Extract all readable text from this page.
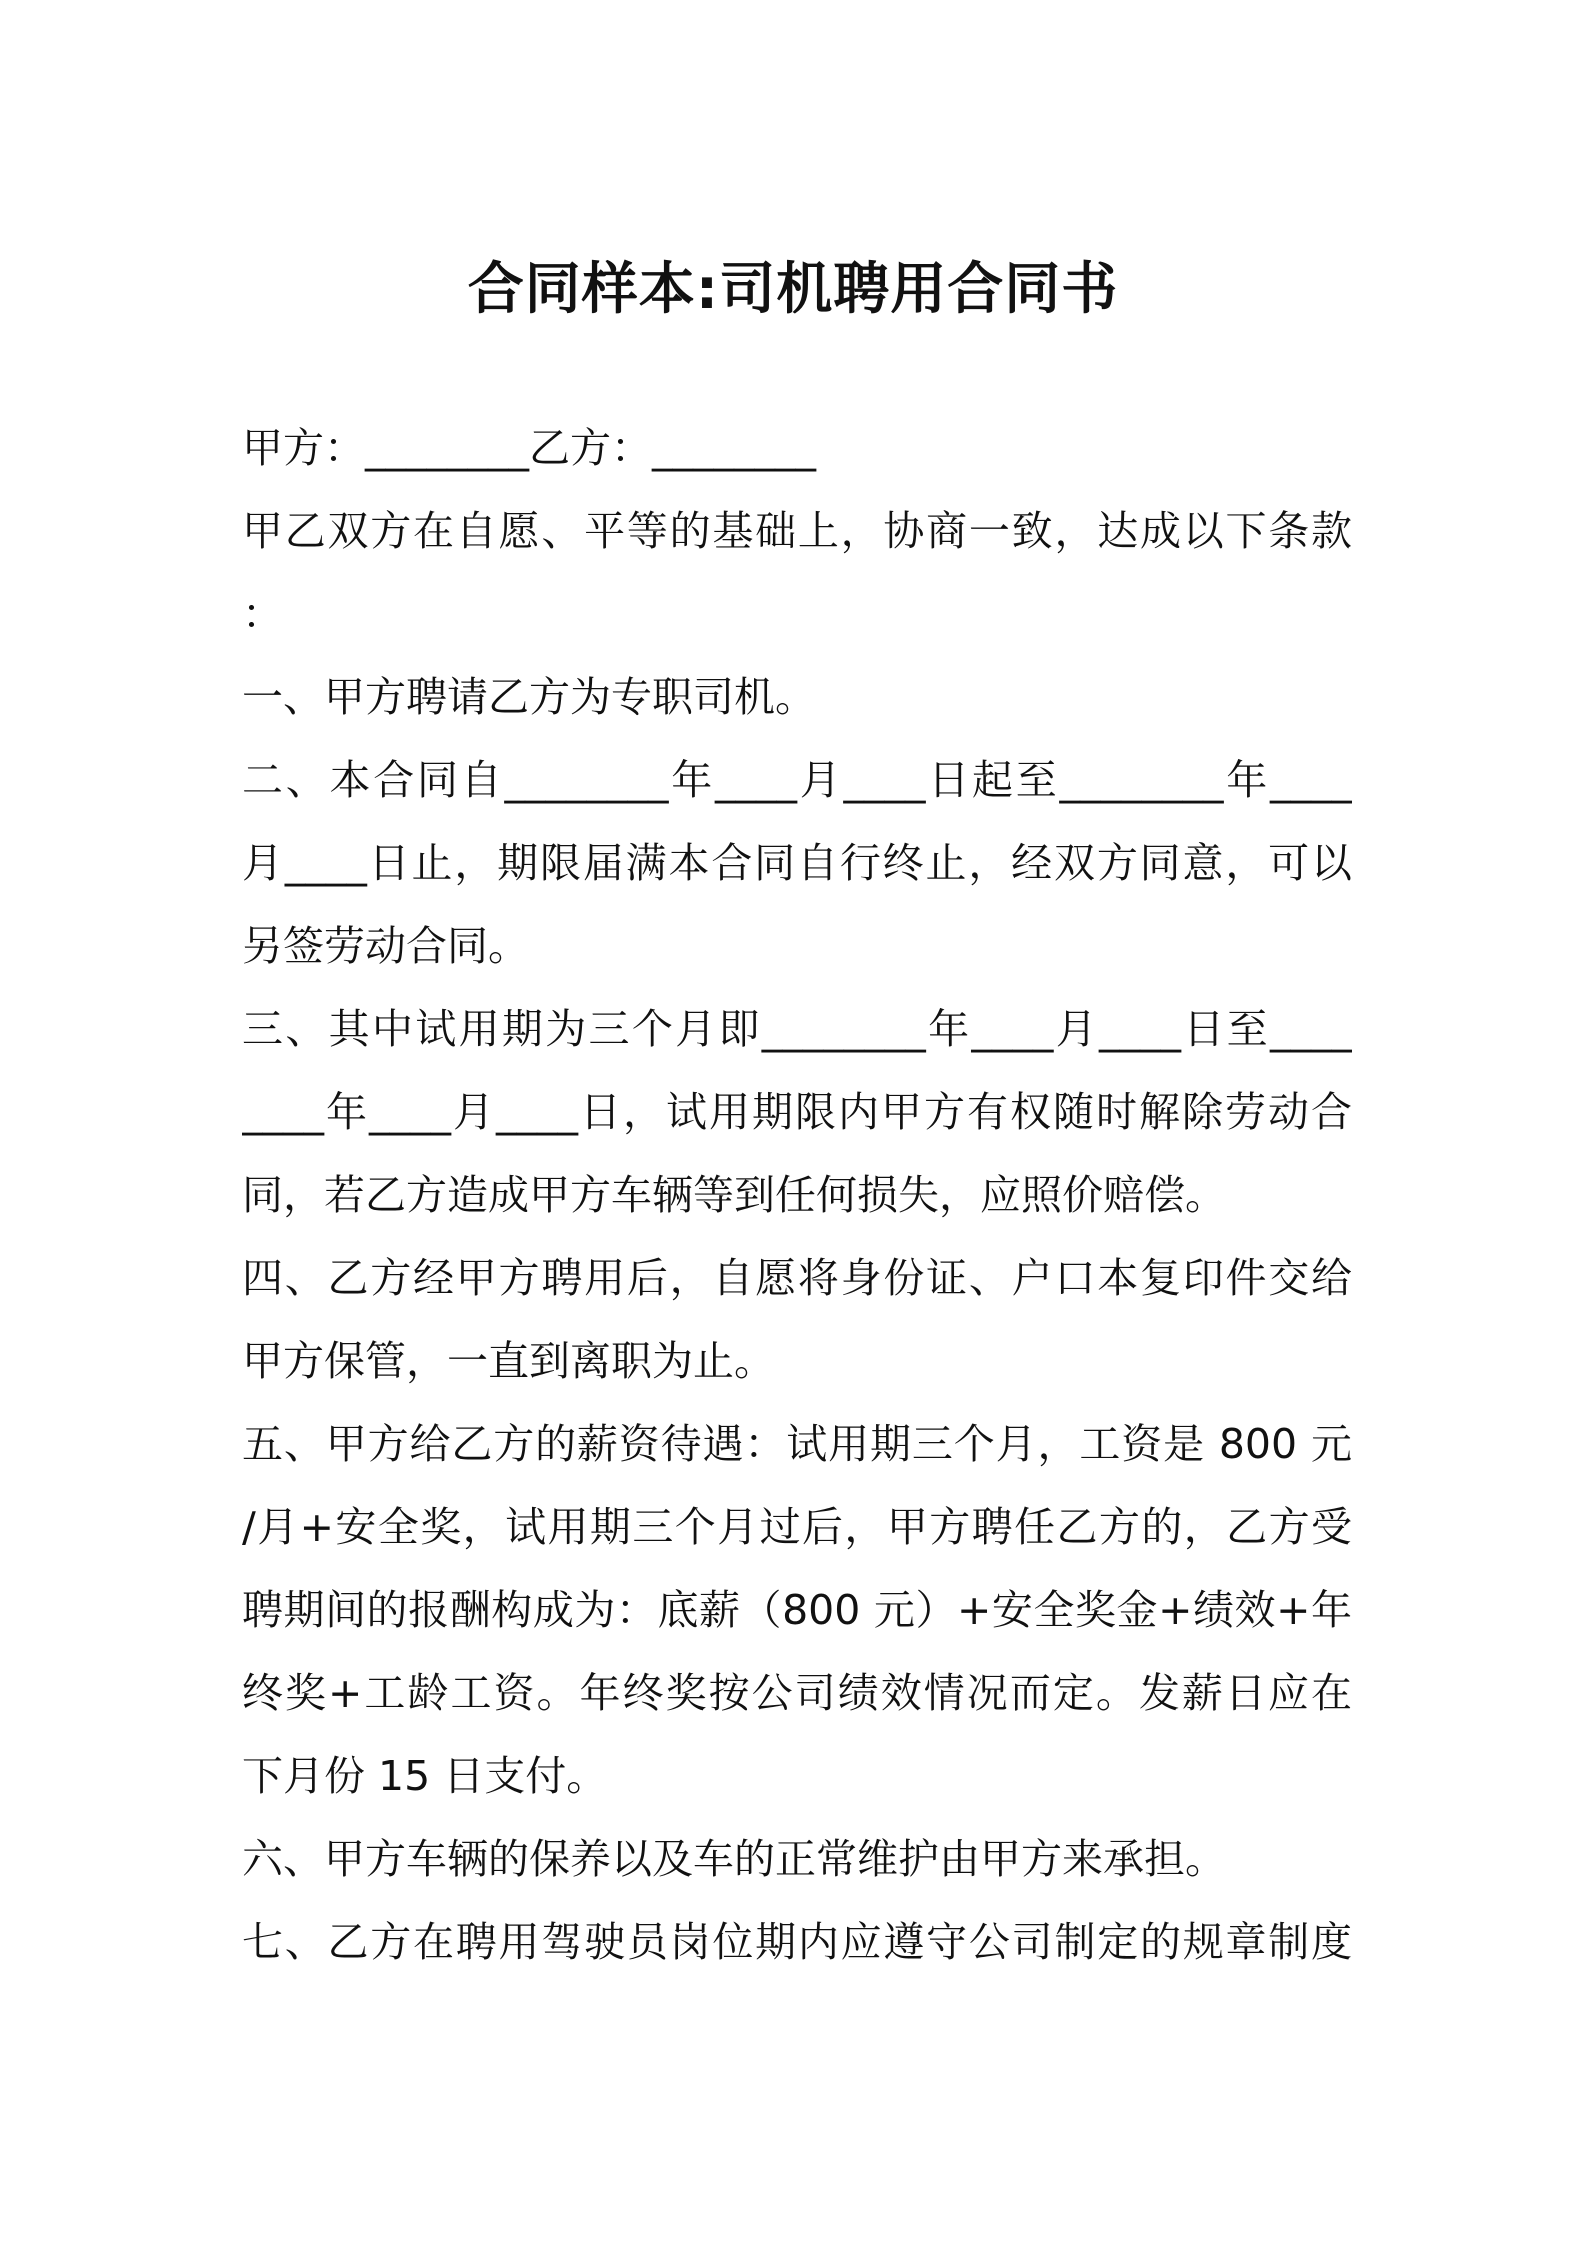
合同样本:司机聘用合同书
甲方：________乙方：________
甲乙双方在自愿、平等的基础上，协商一致，达成以下条款
：
一、甲方聘请乙方为专职司机。
二、本合同自________年____月____日起至________年____
月____日止，期限届满本合同自行终止，经双方同意，可以
另签劳动合同。
三、其中试用期为三个月即________年____月____日至____
____年____月____日，试用期限内甲方有权随时解除劳动合
同，若乙方造成甲方车辆等到任何损失，应照价赔偿。
四、乙方经甲方聘用后，自愿将身份证、户口本复印件交给
甲方保管，一直到离职为止。
五、甲方给乙方的薪资待遇：试用期三个月，工资是 800 元
/月+安全奖，试用期三个月过后，甲方聘任乙方的，乙方受
聘期间的报酬构成为：底薪（800 元）+安全奖金+绩效+年
终奖+工龄工资。年终奖按公司绩效情况而定。发薪日应在
下月份 15 日支付。
六、甲方车辆的保养以及车的正常维护由甲方来承担。
七、乙方在聘用驾驶员岗位期内应遵守公司制定的规章制度
